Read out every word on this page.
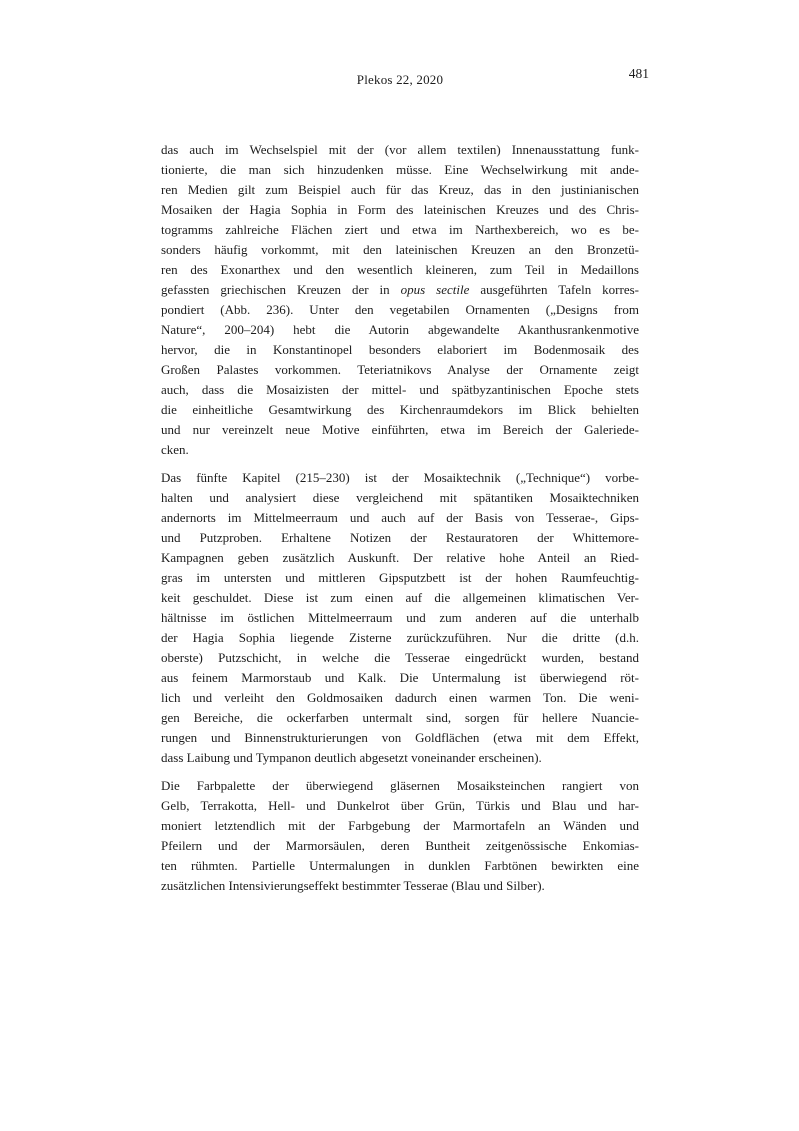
Plekos 22, 2020	481
das auch im Wechselspiel mit der (vor allem textilen) Innenausstattung funk-
tionierte, die man sich hinzudenken müsse. Eine Wechselwirkung mit ande-
ren Medien gilt zum Beispiel auch für das Kreuz, das in den justinianischen
Mosaiken der Hagia Sophia in Form des lateinischen Kreuzes und des Chris-
togramms zahlreiche Flächen ziert und etwa im Narthexbereich, wo es be-
sonders häufig vorkommt, mit den lateinischen Kreuzen an den Bronzetü-
ren des Exonarthex und den wesentlich kleineren, zum Teil in Medaillons
gefassten griechischen Kreuzen der in opus sectile ausgeführten Tafeln korres-
pondiert (Abb. 236). Unter den vegetabilen Ornamenten („Designs from
Nature“, 200–204) hebt die Autorin abgewandelte Akanthusrankenmotive
hervor, die in Konstantinopel besonders elaboriert im Bodenmosaik des
Großen Palastes vorkommen. Teteriatnikovs Analyse der Ornamente zeigt
auch, dass die Mosaizisten der mittel- und spätbyzantinischen Epoche stets
die einheitliche Gesamtwirkung des Kirchenraumdekors im Blick behielten
und nur vereinzelt neue Motive einführten, etwa im Bereich der Galeriede-
cken.
Das fünfte Kapitel (215–230) ist der Mosaiktechnik („Technique“) vorbe-
halten und analysiert diese vergleichend mit spätantiken Mosaiktechniken
andernorts im Mittelmeerraum und auch auf der Basis von Tesserae-, Gips-
und Putzproben. Erhaltene Notizen der Restauratoren der Whittemore-
Kampagnen geben zusätzlich Auskunft. Der relative hohe Anteil an Ried-
gras im untersten und mittleren Gipsputzbett ist der hohen Raumfeuchtig-
keit geschuldet. Diese ist zum einen auf die allgemeinen klimatischen Ver-
hältnisse im östlichen Mittelmeerraum und zum anderen auf die unterhalb
der Hagia Sophia liegende Zisterne zurückzuführen. Nur die dritte (d.h.
oberste) Putzschicht, in welche die Tesserae eingedrückt wurden, bestand
aus feinem Marmorstaub und Kalk. Die Untermalung ist überwiegend röt-
lich und verleiht den Goldmosaiken dadurch einen warmen Ton. Die weni-
gen Bereiche, die ockerfarben untermalt sind, sorgen für hellere Nuancie-
rungen und Binnenstrukturierungen von Goldflächen (etwa mit dem Effekt,
dass Laibung und Tympanon deutlich abgesetzt voneinander erscheinen).
Die Farbpalette der überwiegend gläsernen Mosaiksteinchen rangiert von
Gelb, Terrakotta, Hell- und Dunkelrot über Grün, Türkis und Blau und har-
moniert letztendlich mit der Farbgebung der Marmortafeln an Wänden und
Pfeilern und der Marmorsäulen, deren Buntheit zeitgenössische Enkomias-
ten rühmten. Partielle Untermalungen in dunklen Farbtönen bewirkten eine
zusätzlichen Intensivierungseffekt bestimmter Tesserae (Blau und Silber).
